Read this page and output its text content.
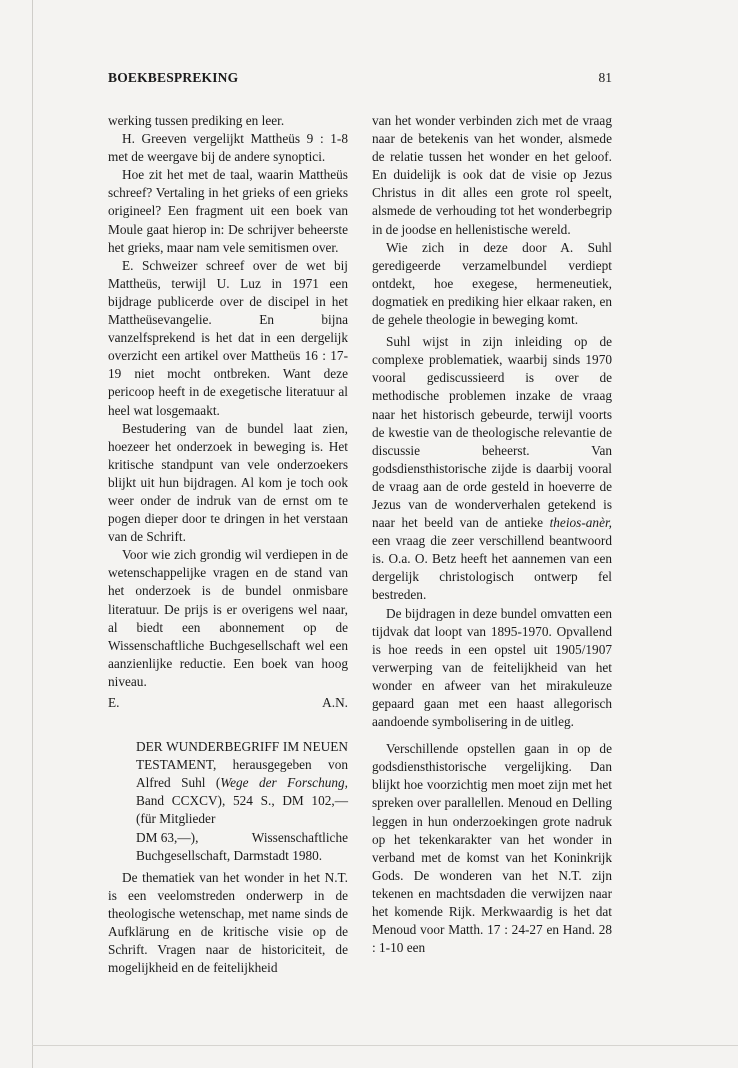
BOEKBESPREKING	81

werking tussen prediking en leer.

H. Greeven vergelijkt Mattheüs 9 : 1-8 met de weergave bij de andere synoptici.

Hoe zit het met de taal, waarin Mattheüs schreef? Vertaling in het grieks of een grieks origineel? Een fragment uit een boek van Moule gaat hierop in: De schrijver beheerste het grieks, maar nam vele semitismen over.

E. Schweizer schreef over de wet bij Mattheüs, terwijl U. Luz in 1971 een bijdrage publicerde over de discipel in het Mattheüsevangelie. En bijna vanzelfsprekend is het dat in een dergelijk overzicht een artikel over Mattheüs 16 : 17-19 niet mocht ontbreken. Want deze pericoop heeft in de exegetische literatuur al heel wat losgemaakt.

Bestudering van de bundel laat zien, hoezeer het onderzoek in beweging is. Het kritische standpunt van vele onderzoekers blijkt uit hun bijdragen. Al kom je toch ook weer onder de indruk van de ernst om te pogen dieper door te dringen in het verstaan van de Schrift.

Voor wie zich grondig wil verdiepen in de wetenschappelijke vragen en de stand van het onderzoek is de bundel onmisbare literatuur. De prijs is er overigens wel naar, al biedt een abonnement op de Wissenschaftliche Buchgesellschaft wel een aanzienlijke reductie. Een boek van hoog niveau.

E.	A.N.

DER WUNDERBEGRIFF IM NEUEN TESTAMENT, herausgegeben von Alfred Suhl (Wege der Forschung, Band CCXCV), 524 S., DM 102,— (für Mitglieder

DM 63,—),	Wissenschaftliche
Buchgesellschaft, Darmstadt 1980.

De thematiek van het wonder in het N.T. is een veelomstreden onderwerp in de theologische wetenschap, met name sinds de Aufklärung en de kritische visie op de Schrift. Vragen naar de historiciteit, de mogelijkheid en de feitelijkheid

van het wonder verbinden zich met de vraag naar de betekenis van het wonder, alsmede de relatie tussen het wonder en het geloof. En duidelijk is ook dat de visie op Jezus Christus in dit alles een grote rol speelt, alsmede de verhouding tot het wonderbegrip in de joodse en hellenistische wereld.

Wie zich in deze door A. Suhl geredigeerde verzamelbundel verdiept ontdekt, hoe exegese, hermeneutiek, dogmatiek en prediking hier elkaar raken, en de gehele theologie in beweging komt.

Suhl wijst in zijn inleiding op de complexe problematiek, waarbij sinds 1970 vooral gediscussieerd is over de methodische problemen inzake de vraag naar het historisch gebeurde, terwijl voorts de kwestie van de theologische relevantie de discussie beheerst. Van godsdiensthistorische zijde is daarbij vooral de vraag aan de orde gesteld in hoeverre de Jezus van de wonderverhalen getekend is naar het beeld van de antieke theios-anèr, een vraag die zeer verschillend beantwoord is. O.a. O. Betz heeft het aannemen van een dergelijk christologisch ontwerp fel bestreden.

De bijdragen in deze bundel omvatten een tijdvak dat loopt van 1895-1970. Opvallend is hoe reeds in een opstel uit 1905/1907 verwerping van de feitelijkheid van het wonder en afweer van het mirakuleuze gepaard gaan met een haast allegorisch aandoende symbolisering in de uitleg.

Verschillende opstellen gaan in op de godsdiensthistorische vergelijking. Dan blijkt hoe voorzichtig men moet zijn met het spreken over parallellen. Menoud en Delling leggen in hun onderzoekingen grote nadruk op het tekenkarakter van het wonder in verband met de komst van het Koninkrijk Gods. De wonderen van het N.T. zijn tekenen en machtsdaden die verwijzen naar het komende Rijk. Merkwaardig is het dat Menoud voor Matth. 17 : 24-27 en Hand. 28 : 1-10 een
